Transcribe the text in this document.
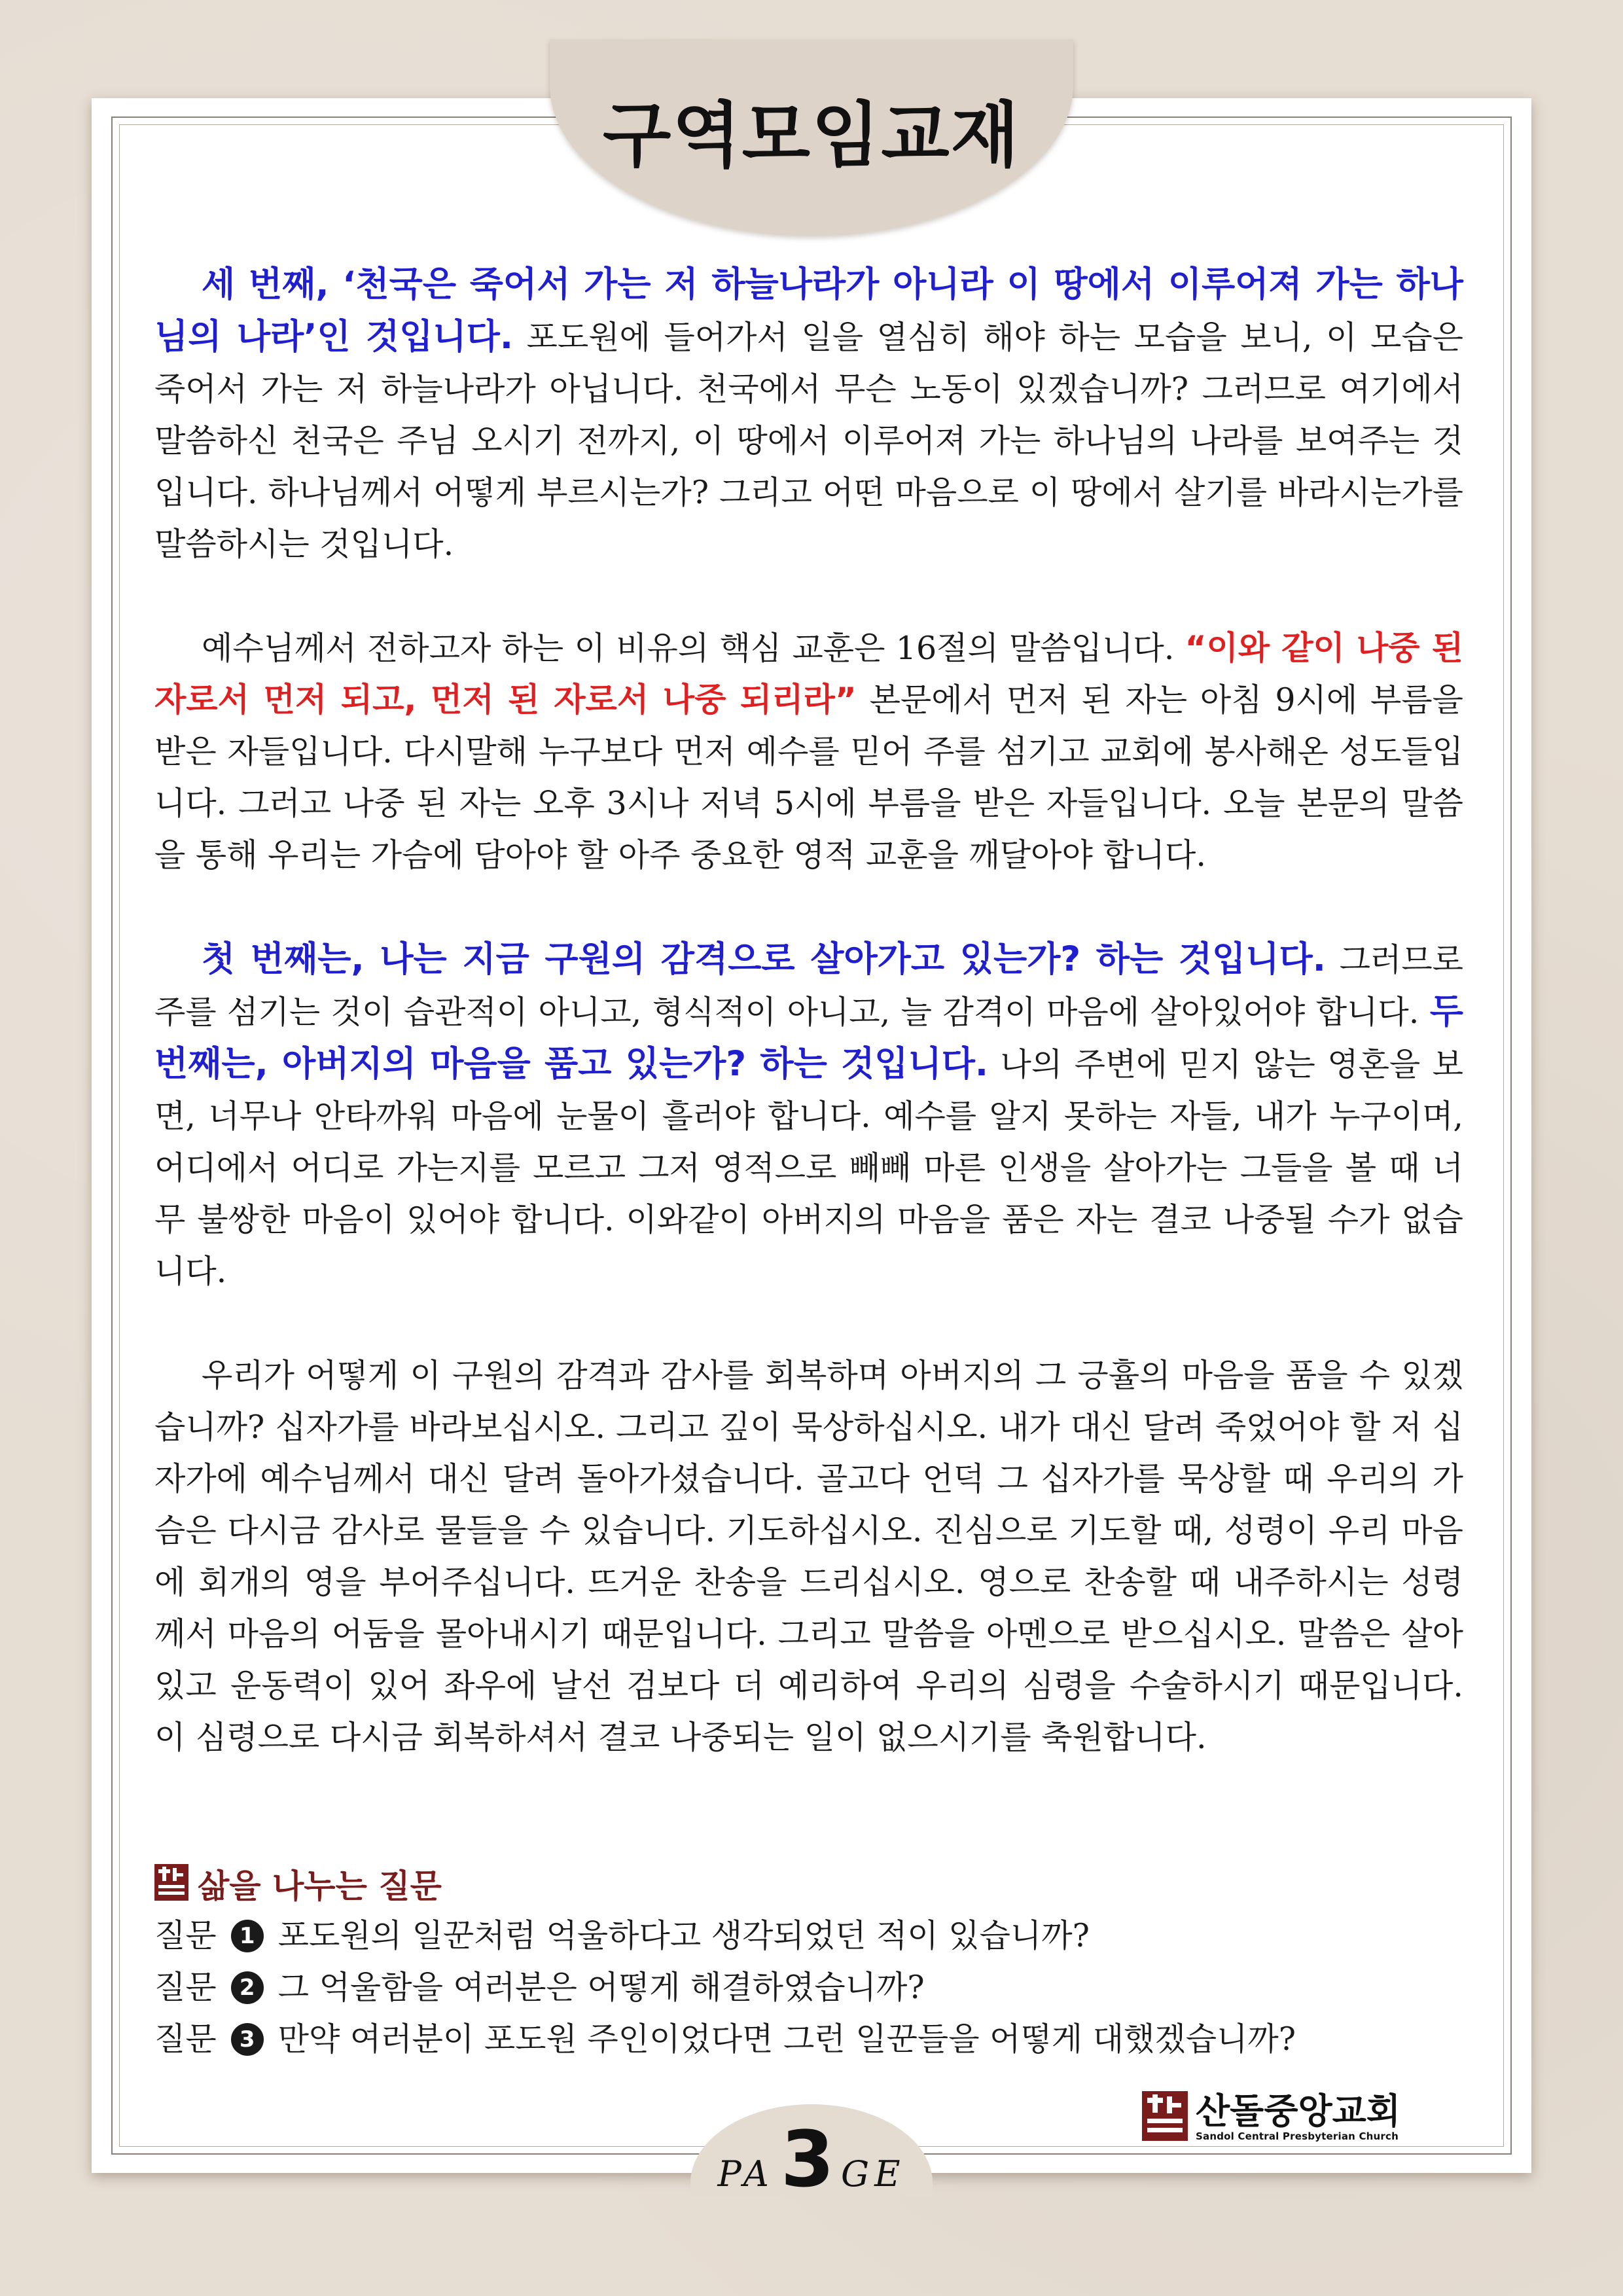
구역모임교재

세 번째, ‘천국은 죽어서 가는 저 하늘나라가 아니라 이 땅에서 이루어져 가는 하나님의 나라’인 것입니다. 포도원에 들어가서 일을 열심히 해야 하는 모습을 보니, 이 모습은 죽어서 가는 저 하늘나라가 아닙니다. 천국에서 무슨 노동이 있겠습니까? 그러므로 여기에서 말씀하신 천국은 주님 오시기 전까지, 이 땅에서 이루어져 가는 하나님의 나라를 보여주는 것입니다. 하나님께서 어떻게 부르시는가? 그리고 어떤 마음으로 이 땅에서 살기를 바라시는가를 말씀하시는 것입니다.

예수님께서 전하고자 하는 이 비유의 핵심 교훈은 16절의 말씀입니다. “이와 같이 나중 된 자로서 먼저 되고, 먼저 된 자로서 나중 되리라” 본문에서 먼저 된 자는 아침 9시에 부름을 받은 자들입니다. 다시말해 누구보다 먼저 예수를 믿어 주를 섬기고 교회에 봉사해온 성도들입니다. 그러고 나중 된 자는 오후 3시나 저녁 5시에 부름을 받은 자들입니다. 오늘 본문의 말씀을 통해 우리는 가슴에 담아야 할 아주 중요한 영적 교훈을 깨달아야 합니다.

첫 번째는, 나는 지금 구원의 감격으로 살아가고 있는가? 하는 것입니다. 그러므로 주를 섬기는 것이 습관적이 아니고, 형식적이 아니고, 늘 감격이 마음에 살아있어야 합니다. 두 번째는, 아버지의 마음을 품고 있는가? 하는 것입니다. 나의 주변에 믿지 않는 영혼을 보면, 너무나 안타까워 마음에 눈물이 흘러야 합니다. 예수를 알지 못하는 자들, 내가 누구이며, 어디에서 어디로 가는지를 모르고 그저 영적으로 빼빼 마른 인생을 살아가는 그들을 볼 때 너무 불쌍한 마음이 있어야 합니다. 이와같이 아버지의 마음을 품은 자는 결코 나중될 수가 없습니다.

우리가 어떻게 이 구원의 감격과 감사를 회복하며 아버지의 그 긍휼의 마음을 품을 수 있겠습니까? 십자가를 바라보십시오. 그리고 깊이 묵상하십시오. 내가 대신 달려 죽었어야 할 저 십자가에 예수님께서 대신 달려 돌아가셨습니다. 골고다 언덕 그 십자가를 묵상할 때 우리의 가슴은 다시금 감사로 물들을 수 있습니다. 기도하십시오. 진심으로 기도할 때, 성령이 우리 마음에 회개의 영을 부어주십니다. 뜨거운 찬송을 드리십시오. 영으로 찬송할 때 내주하시는 성령께서 마음의 어둠을 몰아내시기 때문입니다. 그리고 말씀을 아멘으로 받으십시오. 말씀은 살아있고 운동력이 있어 좌우에 날선 검보다 더 예리하여 우리의 심령을 수술하시기 때문입니다. 이 심령으로 다시금 회복하셔서 결코 나중되는 일이 없으시기를 축원합니다.

삶을 나누는 질문
질문	1 포도원의 일꾼처럼 억울하다고 생각되었던 적이 있습니까?
질문	2 그 억울함을 여러분은 어떻게 해결하였습니까?
질문	3 만약 여러분이 포도원 주인이었다면 그런 일꾼들을 어떻게 대했겠습니까?
산돌중앙교회
Sandol Central Presbyterian Church
PA3 GE
